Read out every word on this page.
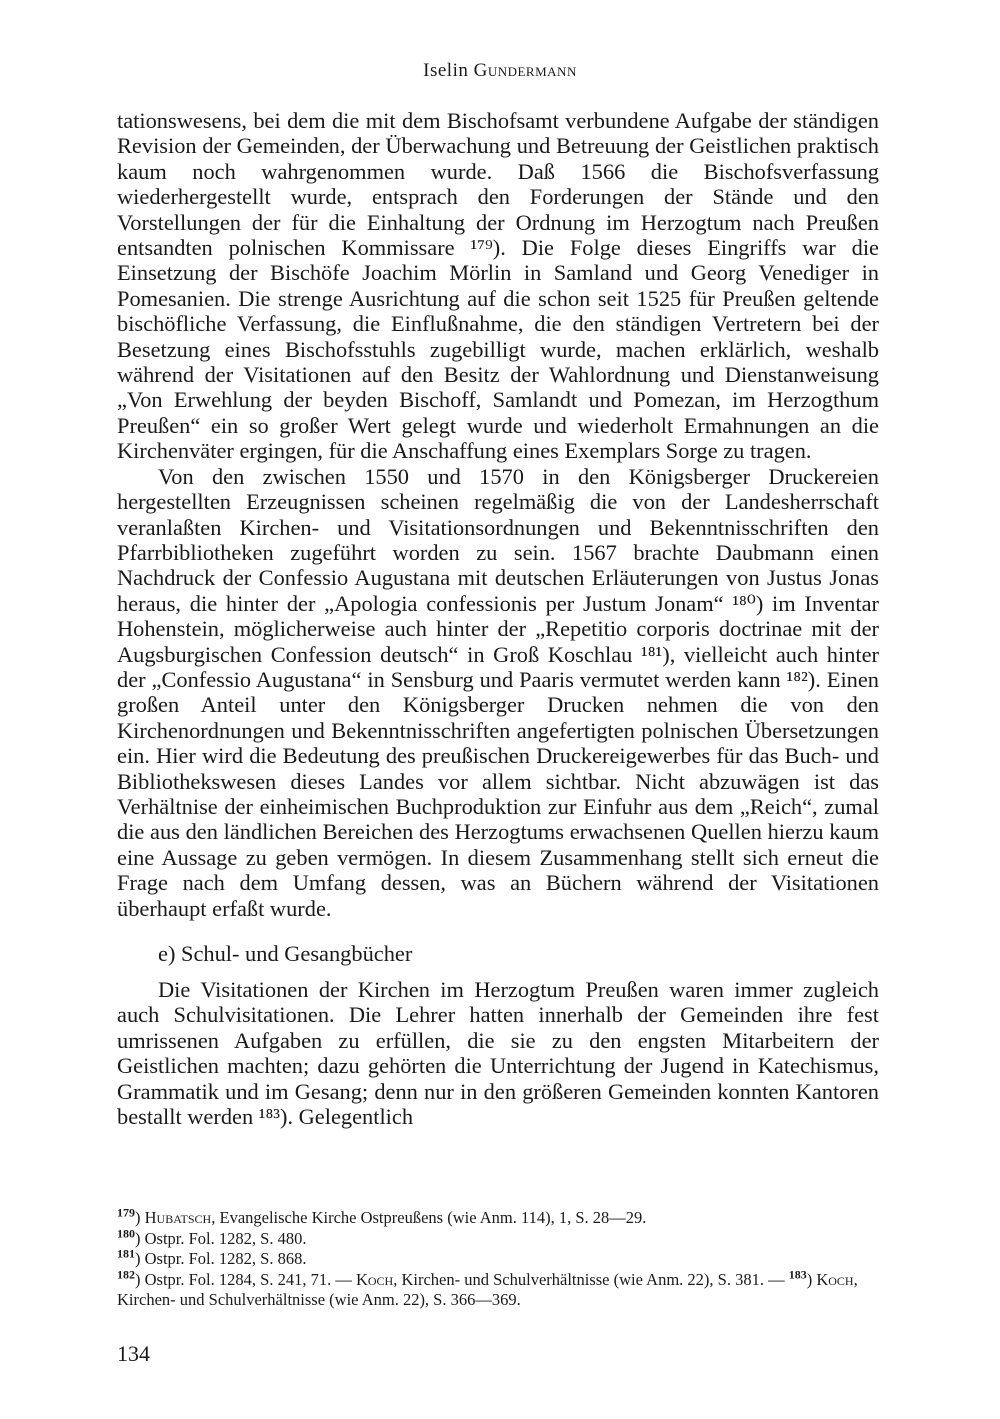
Iselin Gundermann

tationswesens, bei dem die mit dem Bischofsamt verbundene Aufgabe der ständigen Revision der Gemeinden, der Überwachung und Betreuung der Geistlichen praktisch kaum noch wahrgenommen wurde. Daß 1566 die Bischofsverfassung wiederhergestellt wurde, entsprach den Forderungen der Stände und den Vorstellungen der für die Einhaltung der Ordnung im Herzogtum nach Preußen entsandten polnischen Kommissare ¹⁷⁹). Die Folge dieses Eingriffs war die Einsetzung der Bischöfe Joachim Mörlin in Samland und Georg Venediger in Pomesanien. Die strenge Ausrichtung auf die schon seit 1525 für Preußen geltende bischöfliche Verfassung, die Einflußnahme, die den ständigen Vertretern bei der Besetzung eines Bischofsstuhls zugebilligt wurde, machen erklärlich, weshalb während der Visitationen auf den Besitz der Wahlordnung und Dienstanweisung „Von Erwehlung der beyden Bischoff, Samlandt und Pomezan, im Herzogthum Preußen“ ein so großer Wert gelegt wurde und wiederholt Ermahnungen an die Kirchenväter ergingen, für die Anschaffung eines Exemplars Sorge zu tragen.

Von den zwischen 1550 und 1570 in den Königsberger Druckereien hergestellten Erzeugnissen scheinen regelmäßig die von der Landesherrschaft veranlaßten Kirchen- und Visitationsordnungen und Bekenntnisschriften den Pfarrbibliotheken zugeführt worden zu sein. 1567 brachte Daubmann einen Nachdruck der Confessio Augustana mit deutschen Erläuterungen von Justus Jonas heraus, die hinter der „Apologia confessionis per Justum Jonam“ ¹⁸⁰) im Inventar Hohenstein, möglicherweise auch hinter der „Repetitio corporis doctrinae mit der Augsburgischen Confession deutsch“ in Groß Koschlau ¹⁸¹), vielleicht auch hinter der „Confessio Augustana“ in Sensburg und Paaris vermutet werden kann ¹⁸²). Einen großen Anteil unter den Königsberger Drucken nehmen die von den Kirchenordnungen und Bekenntnisschriften angefertigten polnischen Übersetzungen ein. Hier wird die Bedeutung des preußischen Druckereigewerbes für das Buch- und Bibliothekswesen dieses Landes vor allem sichtbar. Nicht abzuwägen ist das Verhältnise der einheimischen Buchproduktion zur Einfuhr aus dem „Reich“, zumal die aus den ländlichen Bereichen des Herzogtums erwachsenen Quellen hierzu kaum eine Aussage zu geben vermögen. In diesem Zusammenhang stellt sich erneut die Frage nach dem Umfang dessen, was an Büchern während der Visitationen überhaupt erfaßt wurde.

e) Schul- und Gesangbücher

Die Visitationen der Kirchen im Herzogtum Preußen waren immer zugleich auch Schulvisitationen. Die Lehrer hatten innerhalb der Gemeinden ihre fest umrissenen Aufgaben zu erfüllen, die sie zu den engsten Mitarbeitern der Geistlichen machten; dazu gehörten die Unterrichtung der Jugend in Katechismus, Grammatik und im Gesang; denn nur in den größeren Gemeinden konnten Kantoren bestallt werden ¹⁸³). Gelegentlich

$^{179}$) Hubatsch, Evangelische Kirche Ostpreußens (wie Anm. 114), 1, S. 28—29.

$^{180}$) Ostpr. Fol. 1282, S. 480.

$^{181}$) Ostpr. Fol. 1282, S. 868.

$^{182}$) Ostpr. Fol. 1284, S. 241, 71. — Koch, Kirchen- und Schulverhältnisse (wie Anm. 22), S. 381. — $^{183}$) Koch, Kirchen- und Schulverhältnisse (wie Anm. 22), S. 366—369.

134
